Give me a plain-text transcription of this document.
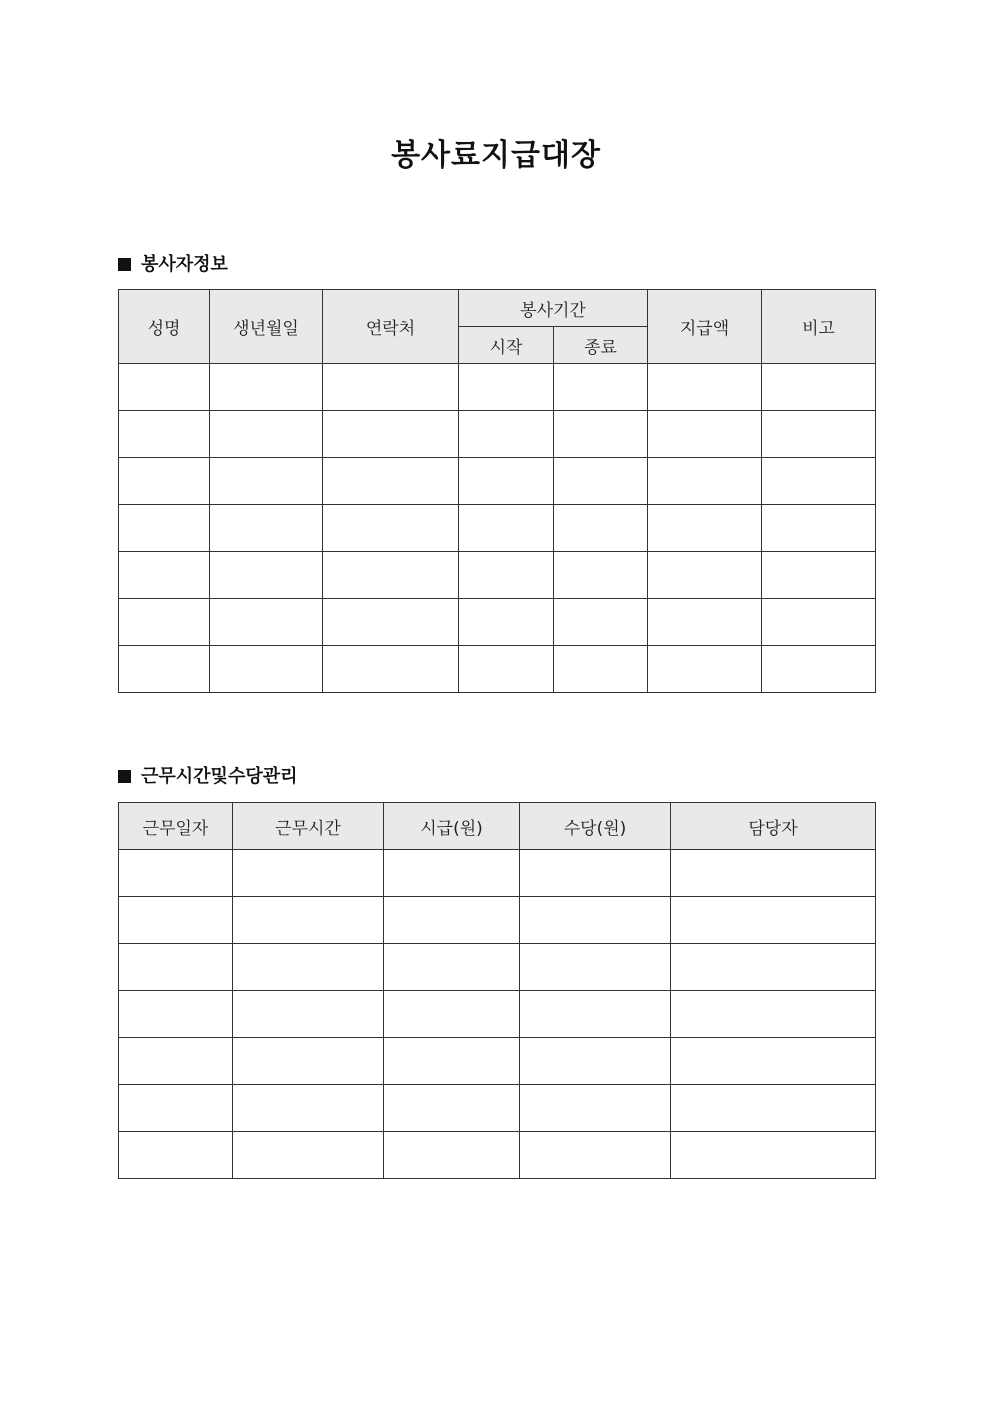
봉사료지급대장
봉사자정보
성명	생년월일	연락처	봉사기간		지급액	비고
			시작	종료		

근무시간및수당관리
근무일자	근무시간	시급(원)	수당(원)	담당자
